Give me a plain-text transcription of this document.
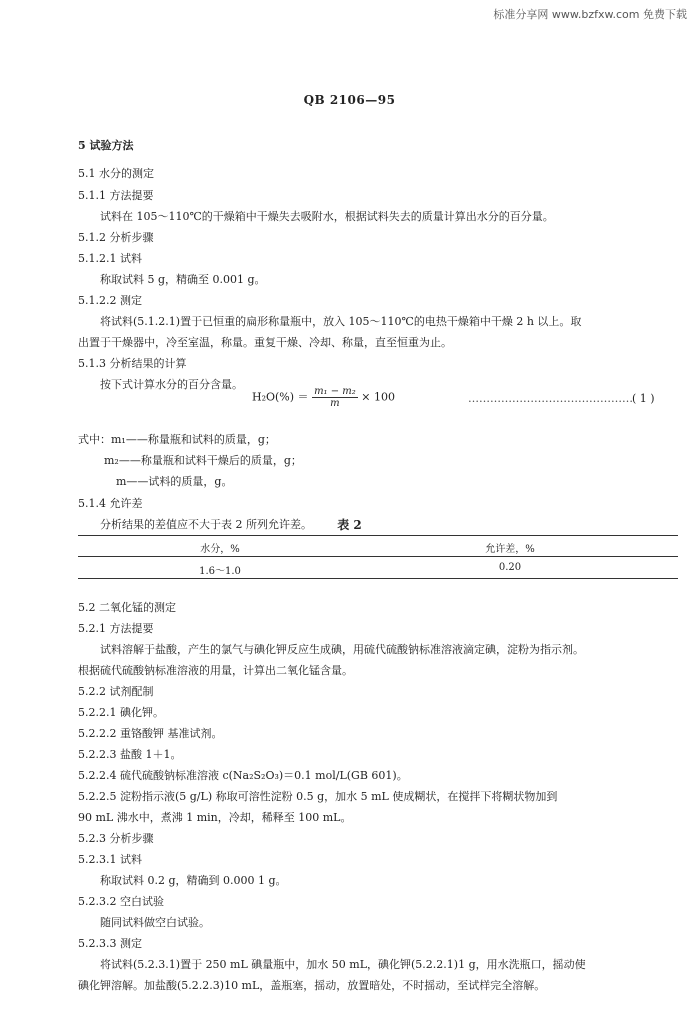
标准分享网 www.bzfxw.com 免费下载
QB 2106—95
5 试验方法
5.1 水分的测定
5.1.1 方法提要
试料在 105～110℃的干燥箱中干燥失去吸附水，根据试料失去的质量计算出水分的百分量。
5.1.2 分析步骤
5.1.2.1 试料
称取试料 5 g，精确至 0.001 g。
5.1.2.2 测定
将试料(5.1.2.1)置于已恒重的扁形称量瓶中，放入 105～110℃的电热干燥箱中干燥 2 h 以上。取
出置于干燥器中，冷至室温，称量。重复干燥、冷却、称量，直至恒重为止。
5.1.3 分析结果的计算
按下式计算水分的百分含量。
式中：m₁——称量瓶和试料的质量，g；
m₂——称量瓶和试料干燥后的质量，g；
m——试料的质量，g。
5.1.4 允许差
分析结果的差值应不大于表 2 所列允许差。
5.2 二氧化锰的测定
5.2.1 方法提要
试料溶解于盐酸，产生的氯气与碘化钾反应生成碘，用硫代硫酸钠标准溶液滴定碘，淀粉为指示剂。
根据硫代硫酸钠标准溶液的用量，计算出二氧化锰含量。
5.2.2 试剂配制
5.2.2.1 碘化钾。
5.2.2.2 重铬酸钾 基准试剂。
5.2.2.3 盐酸 1＋1。
5.2.2.4 硫代硫酸钠标准溶液 c(Na₂S₂O₃)＝0.1 mol/L(GB 601)。
5.2.2.5 淀粉指示液(5 g/L) 称取可溶性淀粉 0.5 g，加水 5 mL 使成糊状，在搅拌下将糊状物加到
90 mL 沸水中，煮沸 1 min，冷却，稀释至 100 mL。
5.2.3 分析步骤
5.2.3.1 试料
称取试料 0.2 g，精确到 0.000 1 g。
5.2.3.2 空白试验
随同试料做空白试验。
5.2.3.3 测定
将试料(5.2.3.1)置于 250 mL 碘量瓶中，加水 50 mL，碘化钾(5.2.2.1)1 g，用水洗瓶口，摇动使
碘化钾溶解。加盐酸(5.2.2.3)10 mL，盖瓶塞，摇动，放置暗处，不时摇动，至试样完全溶解。
$H_2O(\%) = \frac{\text{m₁ − m₂}}{m} \times 100$	……………………………………… ( 1 )
表 2
水分，%	允许差，%
1.6～1.0	0.20
